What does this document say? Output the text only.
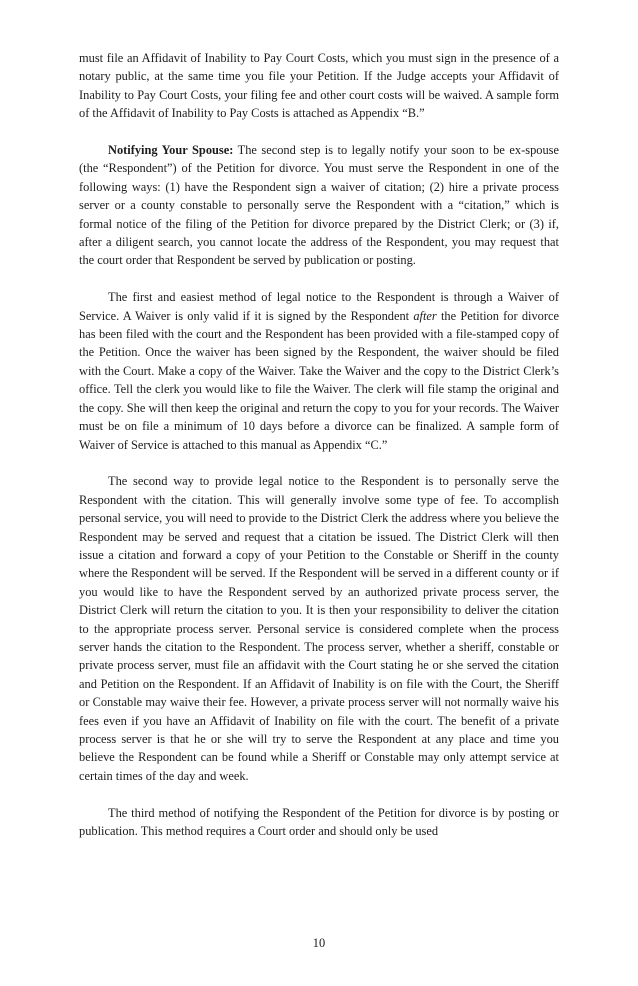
must file an Affidavit of Inability to Pay Court Costs, which you must sign in the presence of a notary public, at the same time you file your Petition. If the Judge accepts your Affidavit of Inability to Pay Court Costs, your filing fee and other court costs will be waived. A sample form of the Affidavit of Inability to Pay Costs is attached as Appendix “B.”

Notifying Your Spouse: The second step is to legally notify your soon to be ex-spouse (the “Respondent”) of the Petition for divorce. You must serve the Respondent in one of the following ways: (1) have the Respondent sign a waiver of citation; (2) hire a private process server or a county constable to personally serve the Respondent with a “citation,” which is formal notice of the filing of the Petition for divorce prepared by the District Clerk; or (3) if, after a diligent search, you cannot locate the address of the Respondent, you may request that the court order that Respondent be served by publication or posting.

The first and easiest method of legal notice to the Respondent is through a Waiver of Service. A Waiver is only valid if it is signed by the Respondent after the Petition for divorce has been filed with the court and the Respondent has been provided with a file-stamped copy of the Petition. Once the waiver has been signed by the Respondent, the waiver should be filed with the Court. Make a copy of the Waiver. Take the Waiver and the copy to the District Clerk’s office. Tell the clerk you would like to file the Waiver. The clerk will file stamp the original and the copy. She will then keep the original and return the copy to you for your records. The Waiver must be on file a minimum of 10 days before a divorce can be finalized. A sample form of Waiver of Service is attached to this manual as Appendix “C.”

The second way to provide legal notice to the Respondent is to personally serve the Respondent with the citation. This will generally involve some type of fee. To accomplish personal service, you will need to provide to the District Clerk the address where you believe the Respondent may be served and request that a citation be issued. The District Clerk will then issue a citation and forward a copy of your Petition to the Constable or Sheriff in the county where the Respondent will be served. If the Respondent will be served in a different county or if you would like to have the Respondent served by an authorized private process server, the District Clerk will return the citation to you. It is then your responsibility to deliver the citation to the appropriate process server. Personal service is considered complete when the process server hands the citation to the Respondent. The process server, whether a sheriff, constable or private process server, must file an affidavit with the Court stating he or she served the citation and Petition on the Respondent. If an Affidavit of Inability is on file with the Court, the Sheriff or Constable may waive their fee. However, a private process server will not normally waive his fees even if you have an Affidavit of Inability on file with the court. The benefit of a private process server is that he or she will try to serve the Respondent at any place and time you believe the Respondent can be found while a Sheriff or Constable may only attempt service at certain times of the day and week.

The third method of notifying the Respondent of the Petition for divorce is by posting or publication. This method requires a Court order and should only be used

10
